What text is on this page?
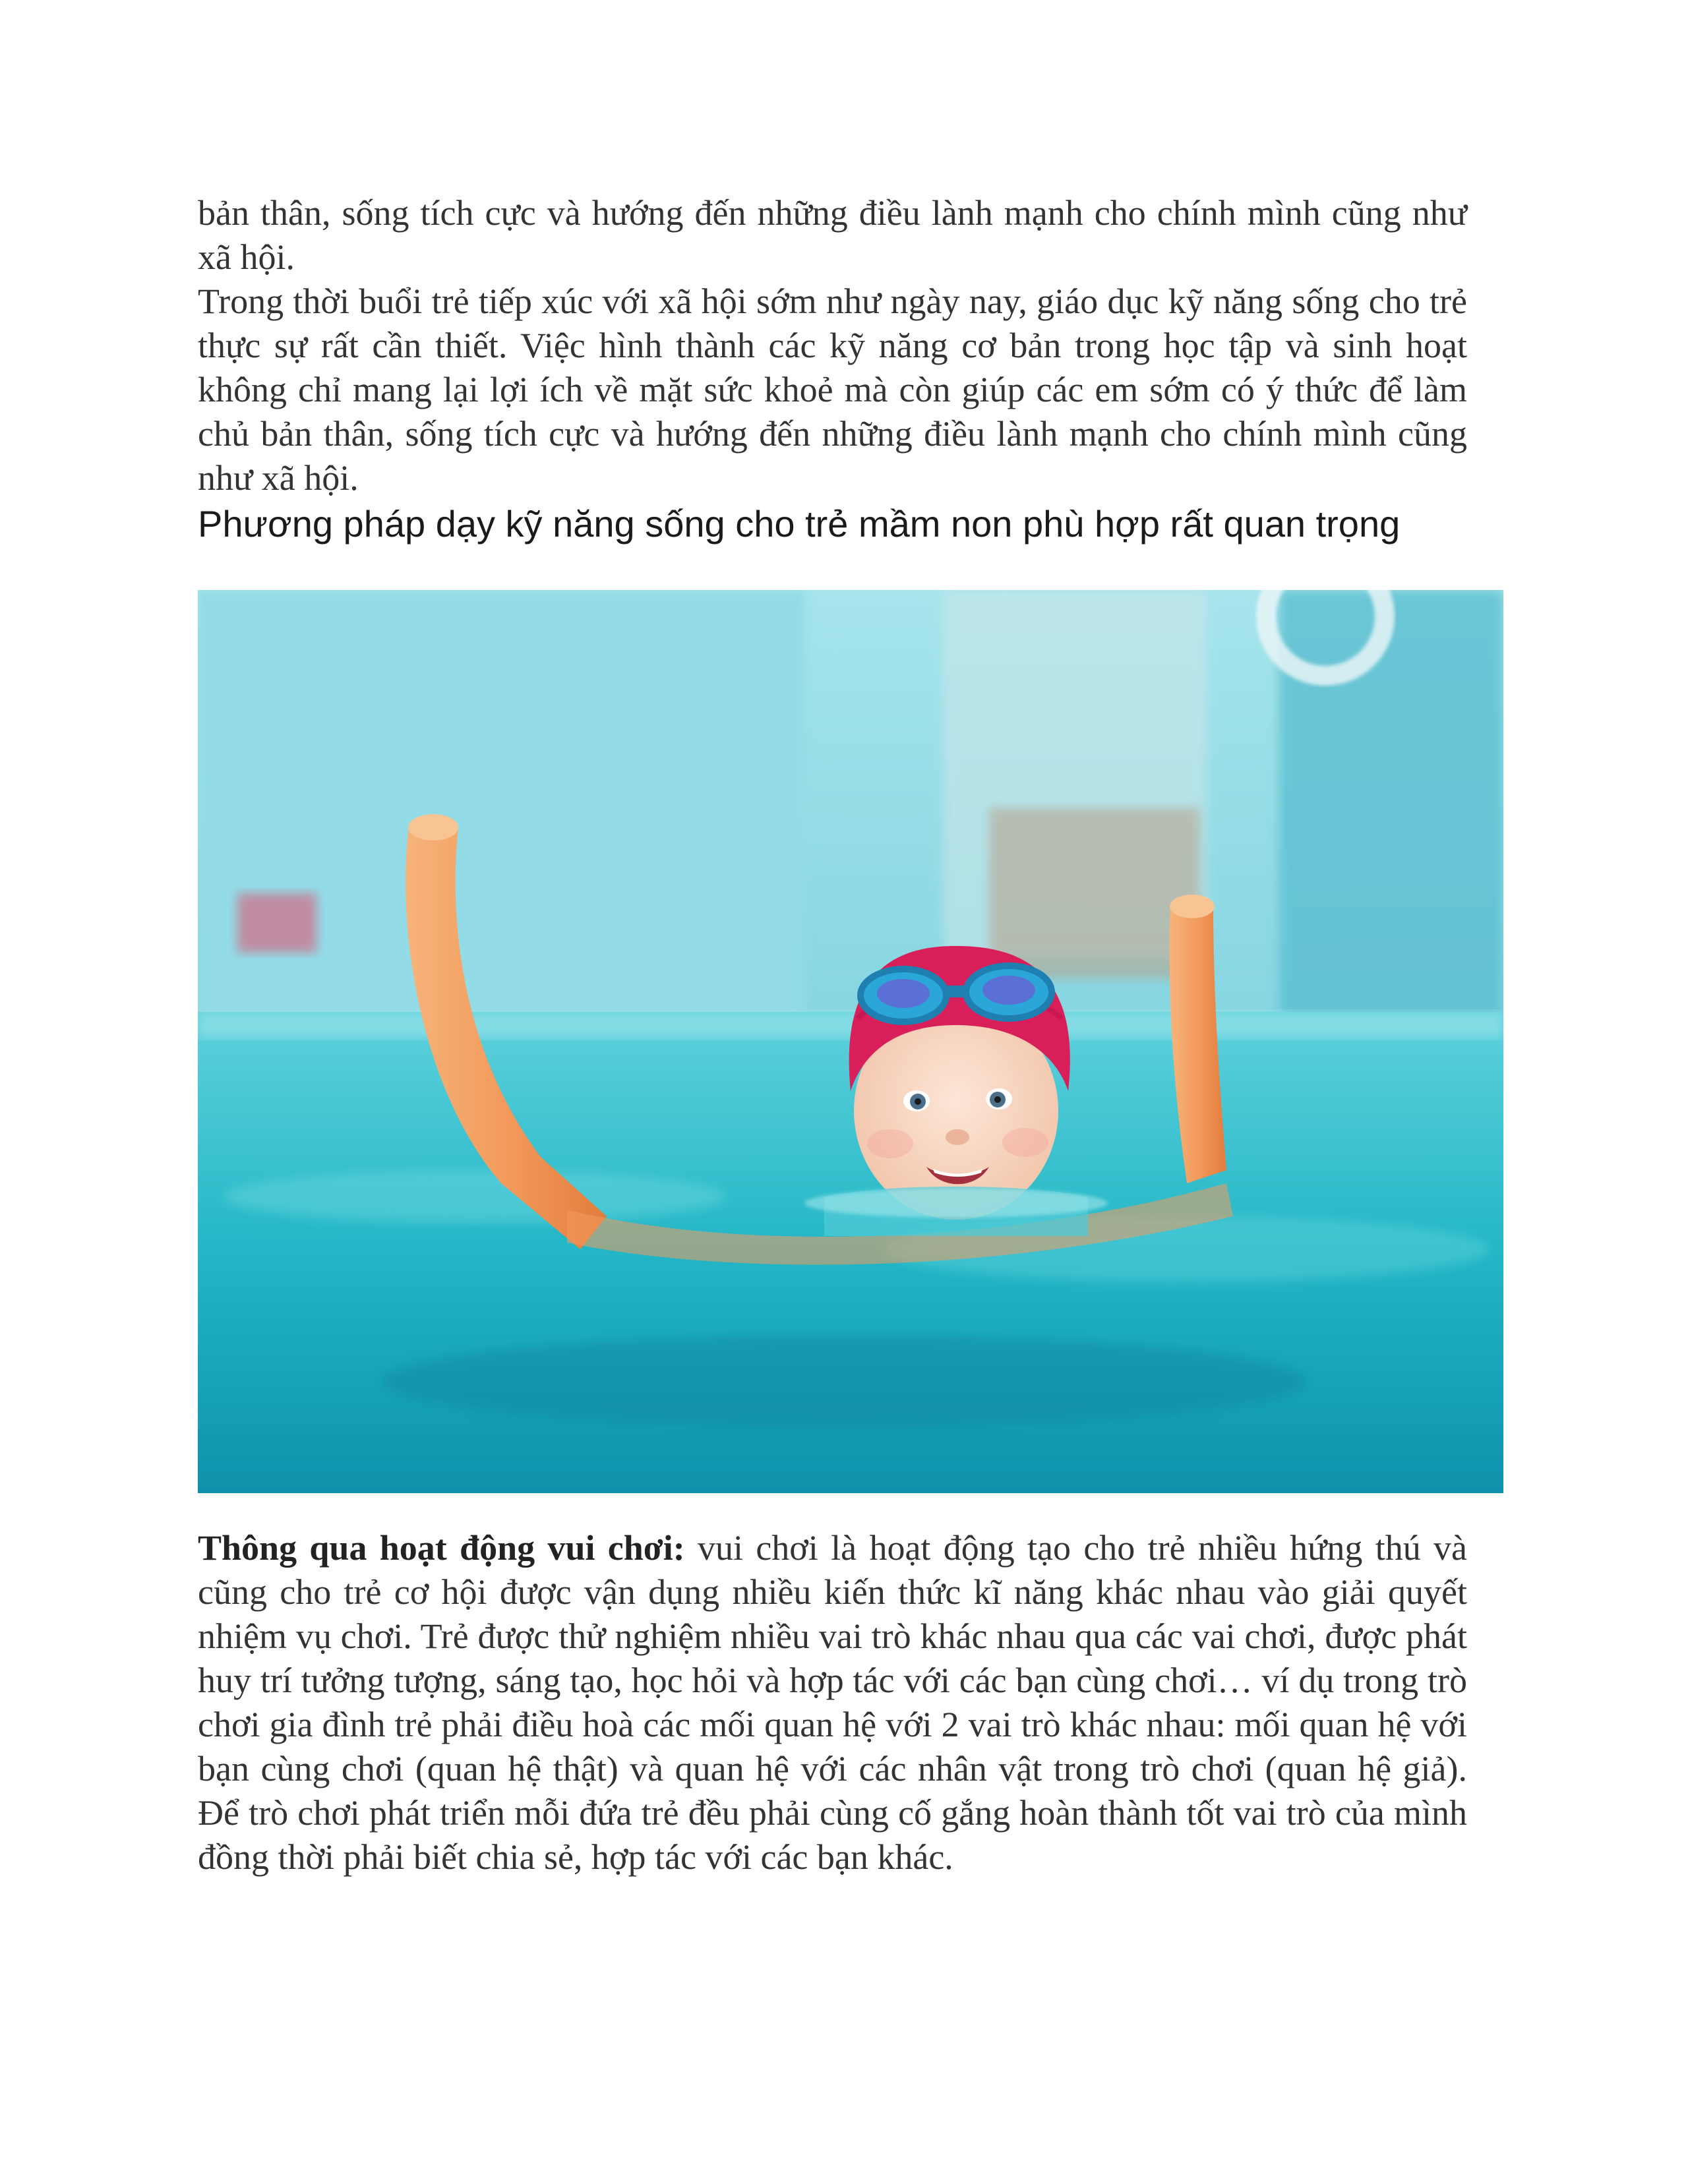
bản thân, sống tích cực và hướng đến những điều lành mạnh cho chính mình cũng như xã hội.

Trong thời buổi trẻ tiếp xúc với xã hội sớm như ngày nay, giáo dục kỹ năng sống cho trẻ thực sự rất cần thiết. Việc hình thành các kỹ năng cơ bản trong học tập và sinh hoạt không chỉ mang lại lợi ích về mặt sức khoẻ mà còn giúp các em sớm có ý thức để làm chủ bản thân, sống tích cực và hướng đến những điều lành mạnh cho chính mình cũng như xã hội.

Phương pháp dạy kỹ năng sống cho trẻ mầm non phù hợp rất quan trọng

Thông qua hoạt động vui chơi: vui chơi là hoạt động tạo cho trẻ nhiều hứng thú và cũng cho trẻ cơ hội được vận dụng nhiều kiến thức kĩ năng khác nhau vào giải quyết nhiệm vụ chơi. Trẻ được thử nghiệm nhiều vai trò khác nhau qua các vai chơi, được phát huy trí tưởng tượng, sáng tạo, học hỏi và hợp tác với các bạn cùng chơi… ví dụ trong trò chơi gia đình trẻ phải điều hoà các mối quan hệ với 2 vai trò khác nhau: mối quan hệ với bạn cùng chơi (quan hệ thật) và quan hệ với các nhân vật trong trò chơi (quan hệ giả). Để trò chơi phát triển mỗi đứa trẻ đều phải cùng cố gắng hoàn thành tốt vai trò của mình đồng thời phải biết chia sẻ, hợp tác với các bạn khác.
